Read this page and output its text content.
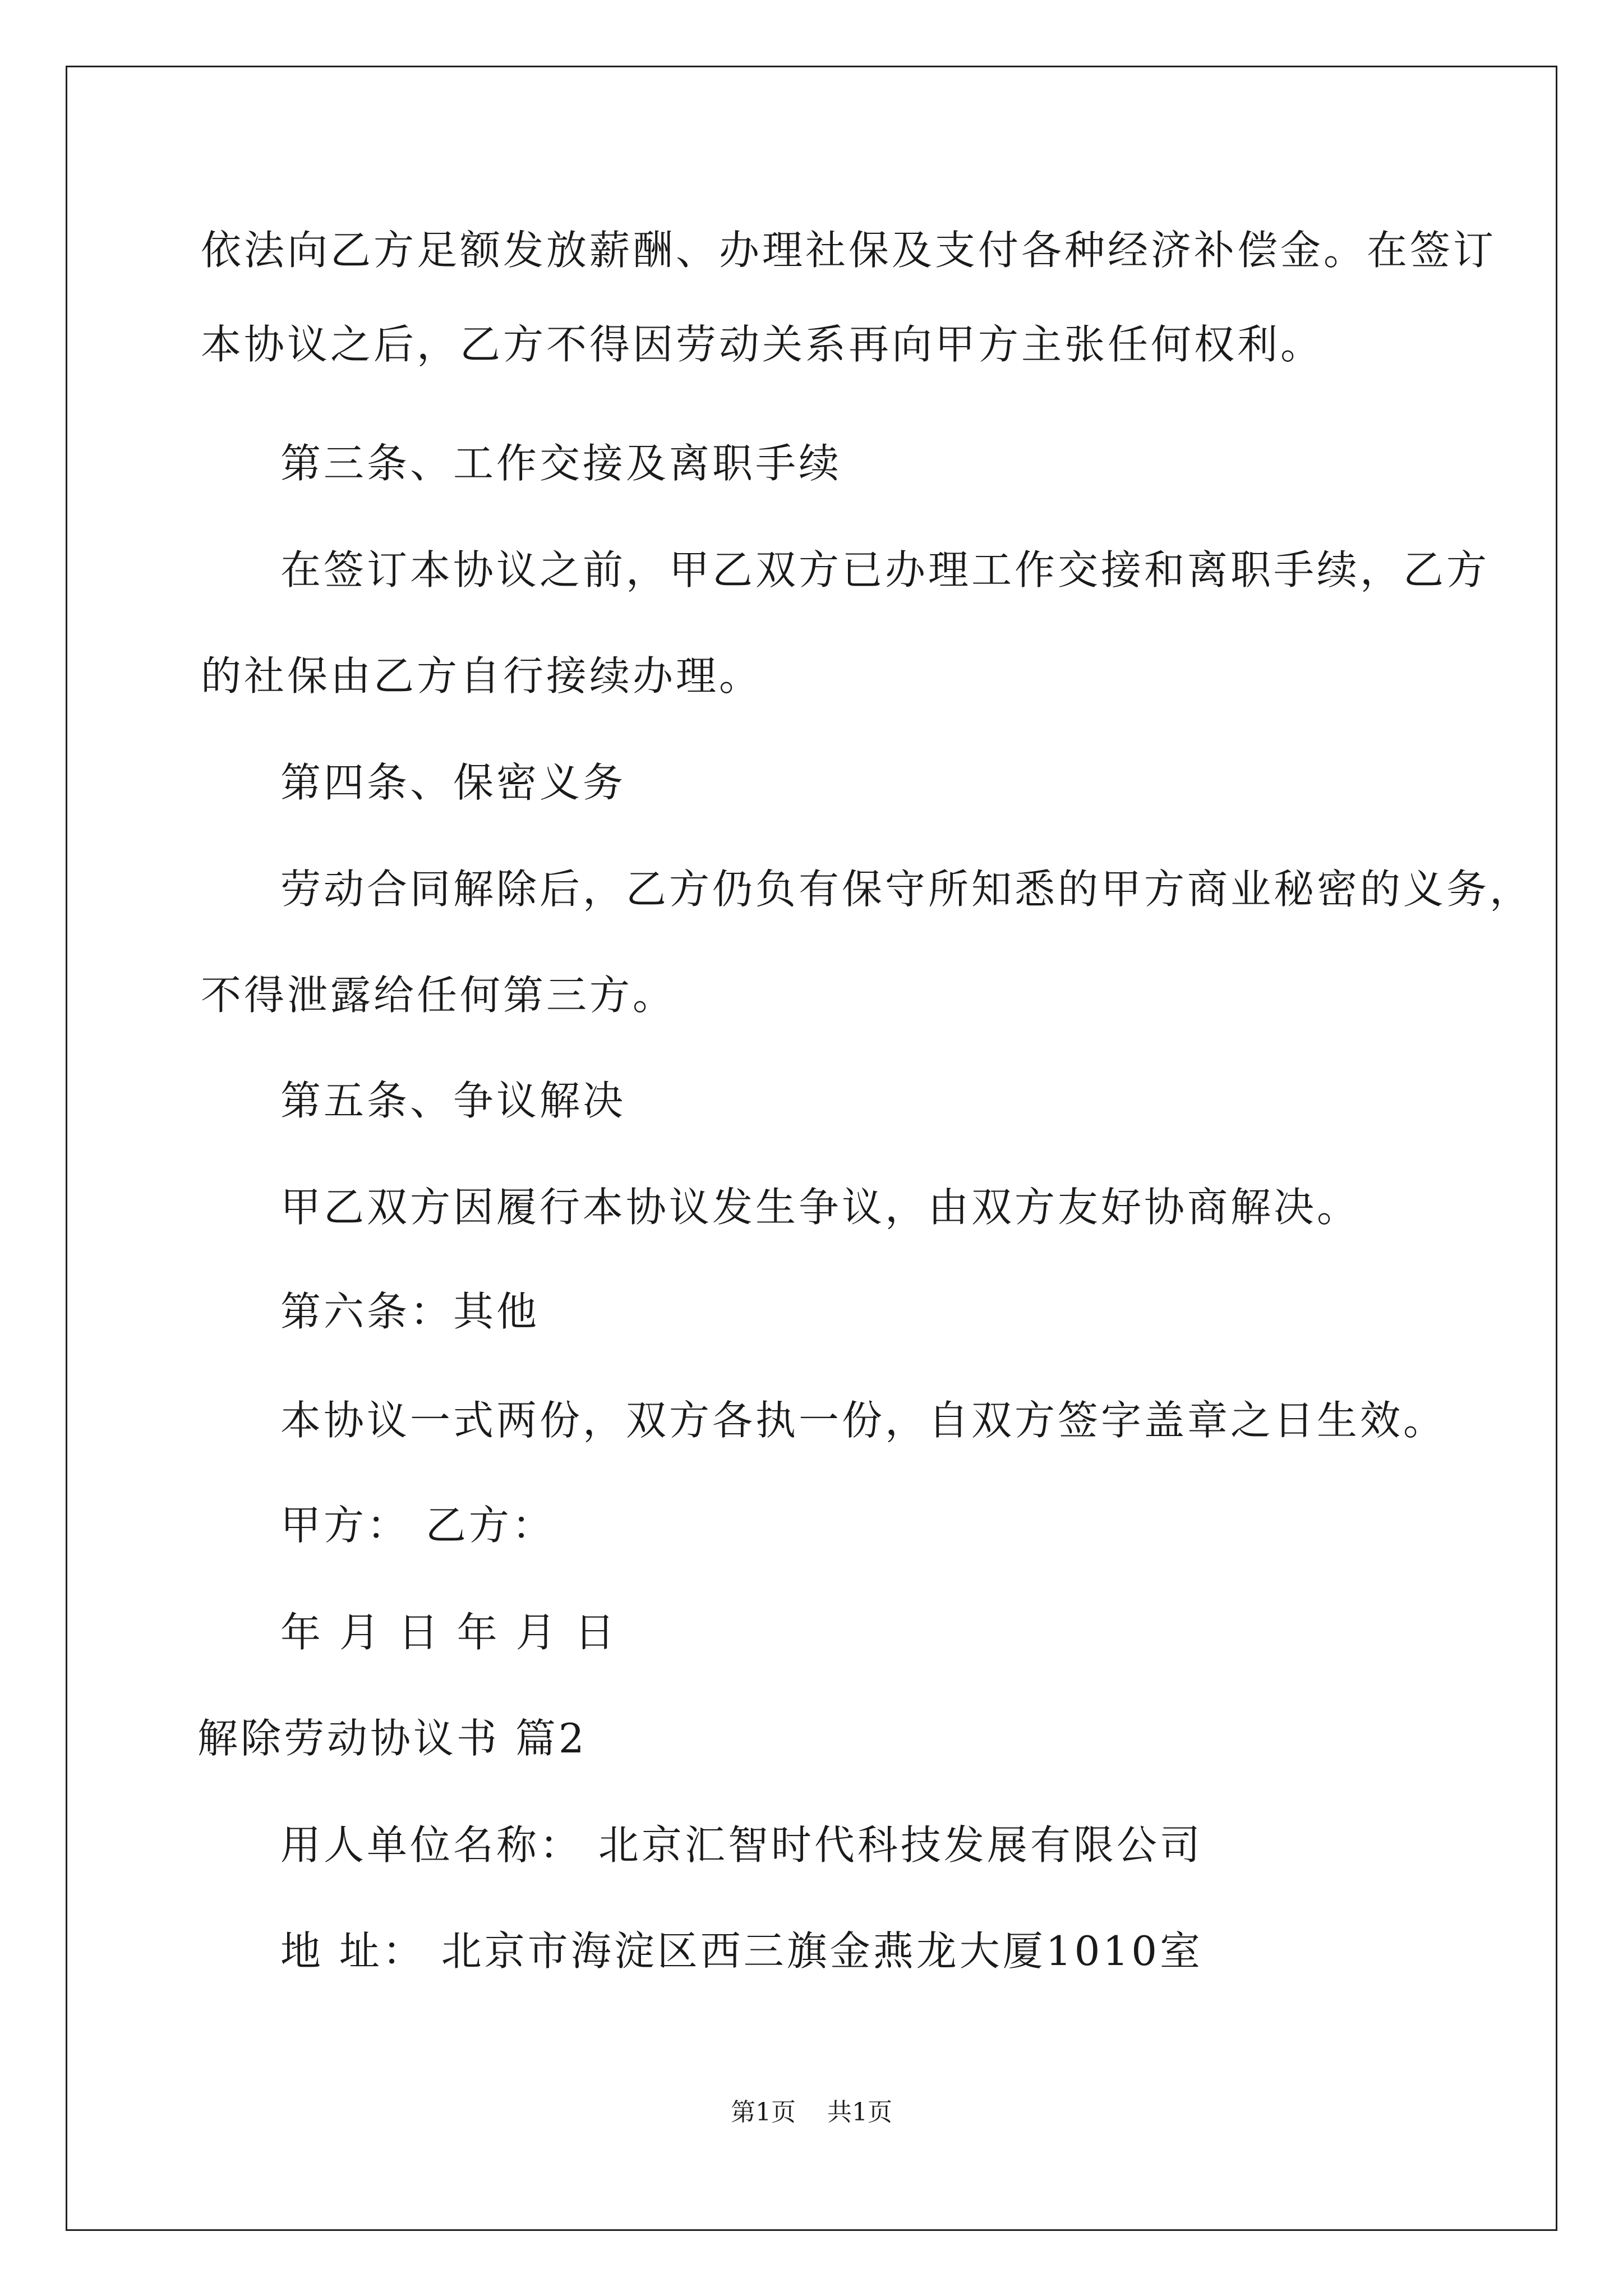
依法向乙方足额发放薪酬、办理社保及支付各种经济补偿金。在签订
本协议之后，乙方不得因劳动关系再向甲方主张任何权利。
第三条、工作交接及离职手续
在签订本协议之前，甲乙双方已办理工作交接和离职手续，乙方
的社保由乙方自行接续办理。
第四条、保密义务
劳动合同解除后，乙方仍负有保守所知悉的甲方商业秘密的义务，
不得泄露给任何第三方。
第五条、争议解决
甲乙双方因履行本协议发生争议，由双方友好协商解决。
第六条：其他
本协议一式两份，双方各执一份，自双方签字盖章之日生效。
甲方： 乙方：
年 月 日 年 月 日
解除劳动协议书 篇2
用人单位名称： 北京汇智时代科技发展有限公司
地 址： 北京市海淀区西三旗金燕龙大厦1010室
第1页    共1页
